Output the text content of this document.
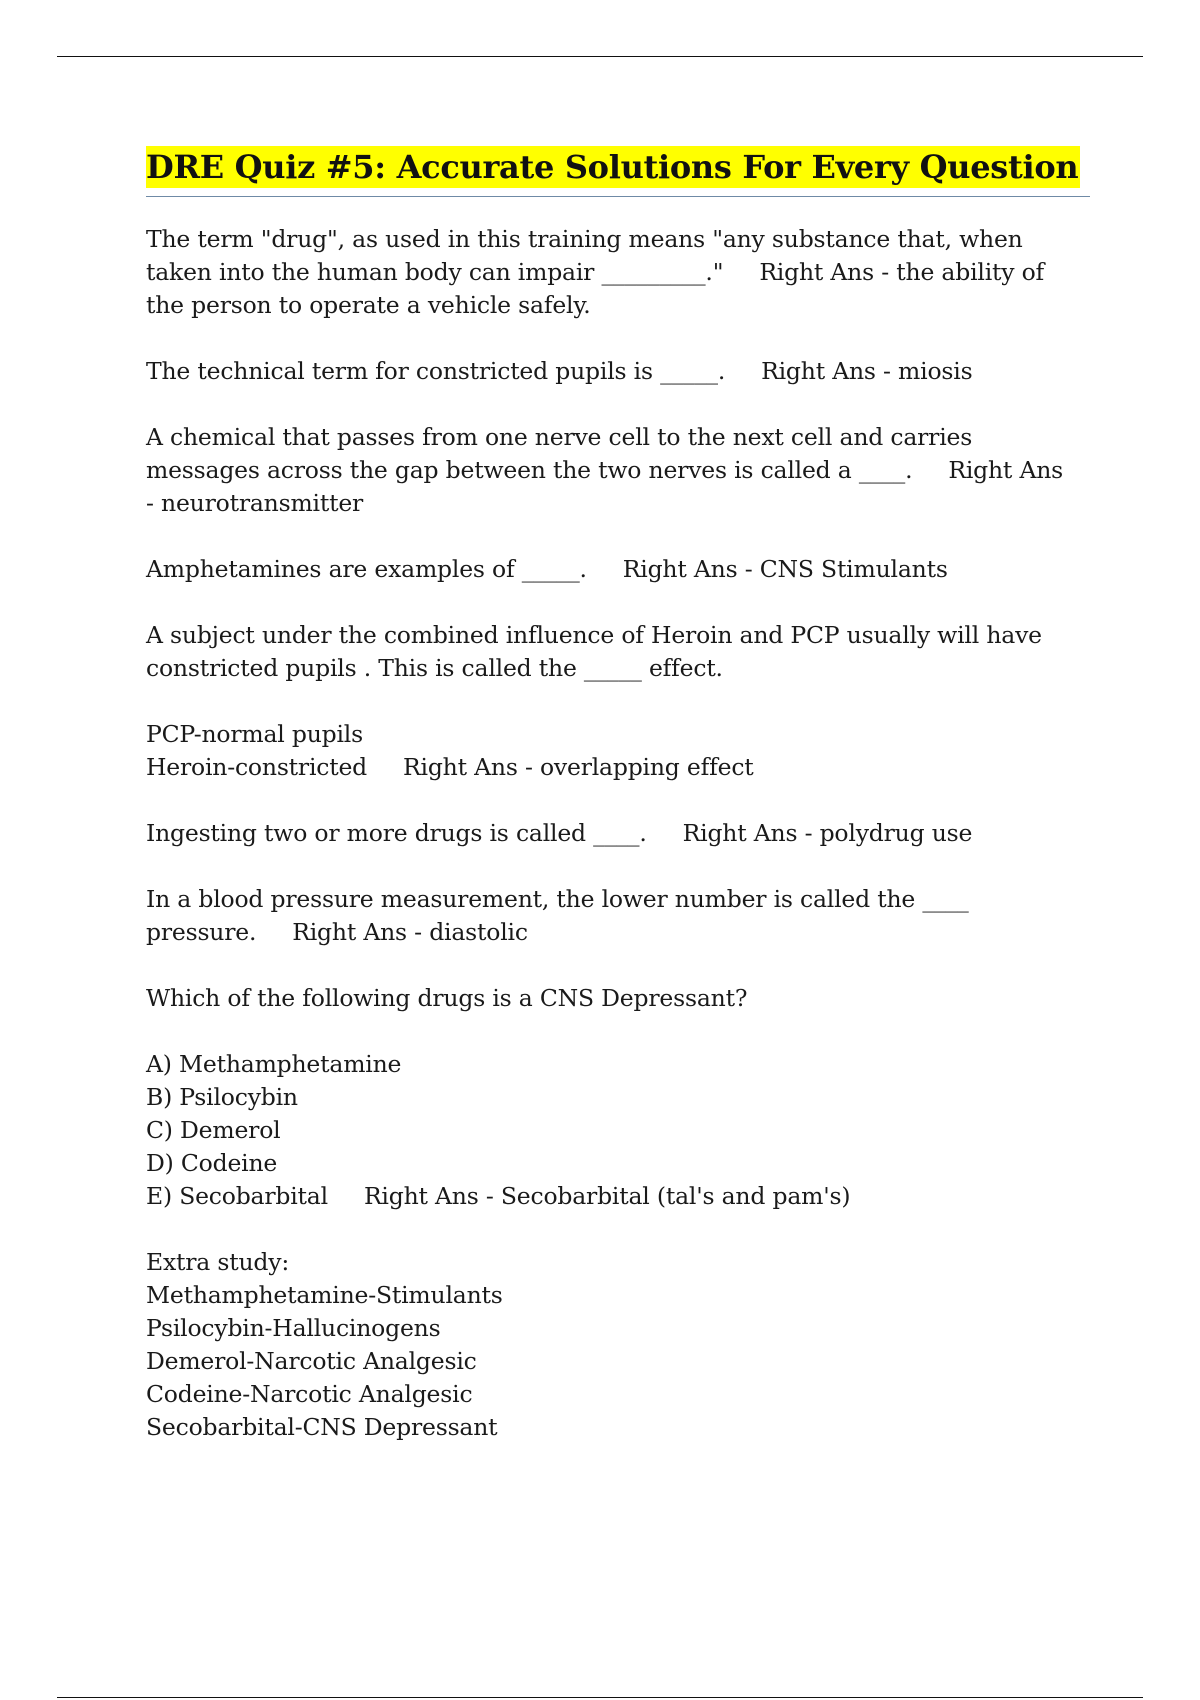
DRE Quiz #5: Accurate Solutions For Every Question
The term "drug", as used in this training means "any substance that, when
taken into the human body can impair _________." Right Ans - the ability of
the person to operate a vehicle safely.
The technical term for constricted pupils is _____. Right Ans - miosis
A chemical that passes from one nerve cell to the next cell and carries
messages across the gap between the two nerves is called a ____. Right Ans
- neurotransmitter
Amphetamines are examples of _____. Right Ans - CNS Stimulants
A subject under the combined influence of Heroin and PCP usually will have
constricted pupils . This is called the _____ effect.
PCP-normal pupils
Heroin-constricted Right Ans - overlapping effect
Ingesting two or more drugs is called ____. Right Ans - polydrug use
In a blood pressure measurement, the lower number is called the ____
pressure. Right Ans - diastolic
Which of the following drugs is a CNS Depressant?
A) Methamphetamine
B) Psilocybin
C) Demerol
D) Codeine
E) Secobarbital Right Ans - Secobarbital (tal's and pam's)
Extra study:
Methamphetamine-Stimulants
Psilocybin-Hallucinogens
Demerol-Narcotic Analgesic
Codeine-Narcotic Analgesic
Secobarbital-CNS Depressant
